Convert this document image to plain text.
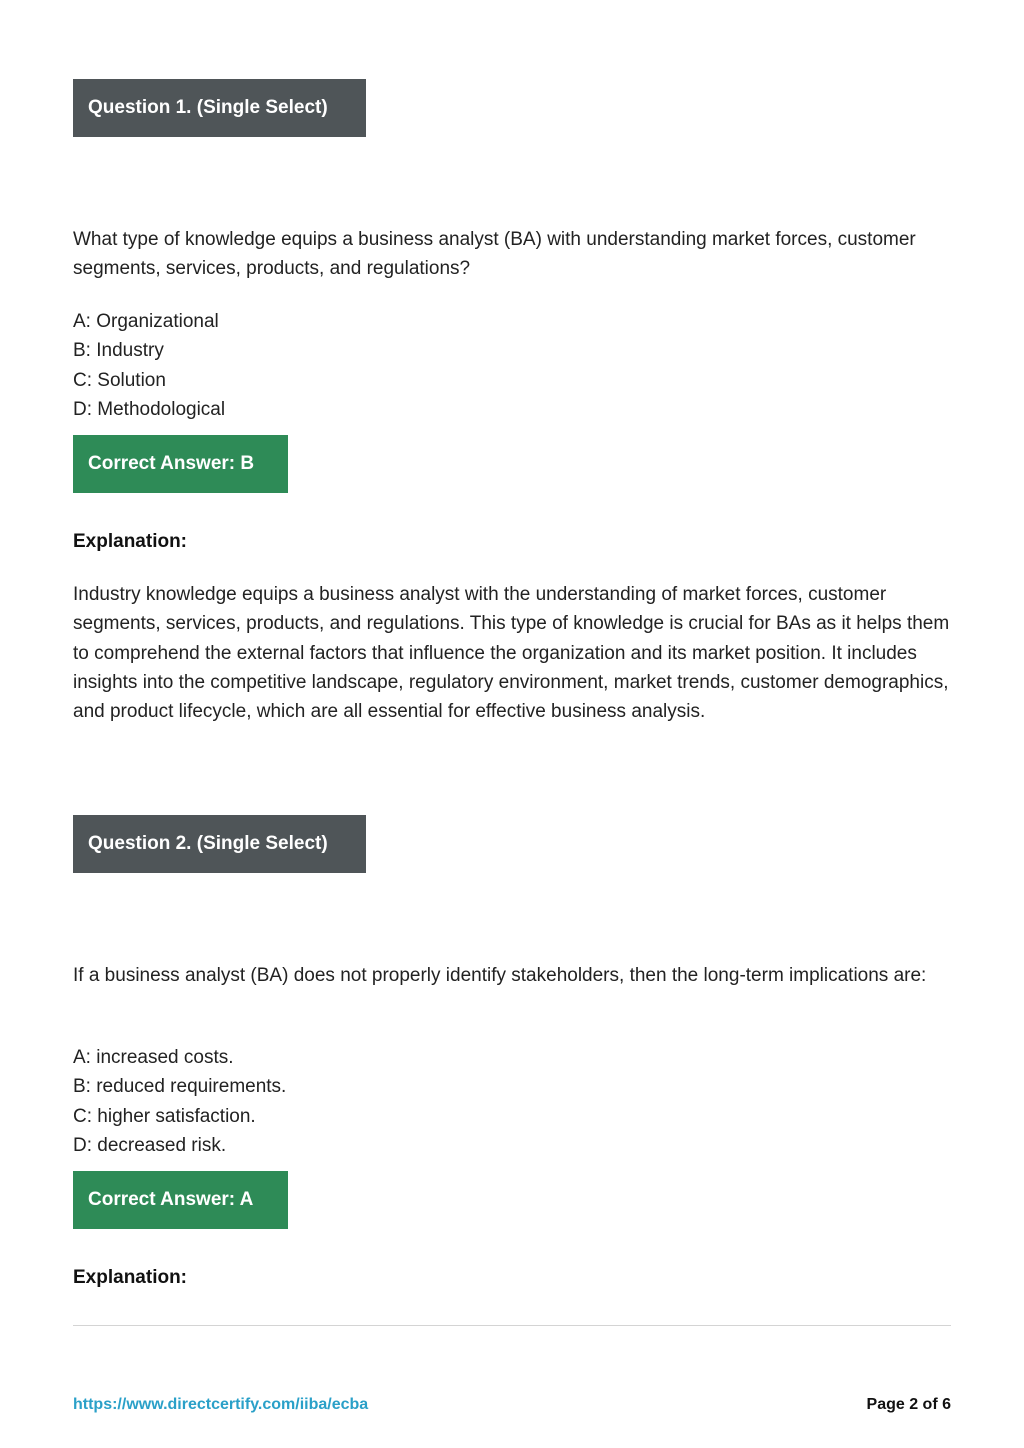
Question 1. (Single Select)

What type of knowledge equips a business analyst (BA) with understanding market forces, customer segments, services, products, and regulations?

A: Organizational
B: Industry
C: Solution
D: Methodological
Correct Answer: B
Explanation:

Industry knowledge equips a business analyst with the understanding of market forces, customer segments, services, products, and regulations. This type of knowledge is crucial for BAs as it helps them to comprehend the external factors that influence the organization and its market position. It includes insights into the competitive landscape, regulatory environment, market trends, customer demographics, and product lifecycle, which are all essential for effective business analysis.

Question 2. (Single Select)

If a business analyst (BA) does not properly identify stakeholders, then the long-term implications are:

A: increased costs.
B: reduced requirements.
C: higher satisfaction.
D: decreased risk.
Correct Answer: A
Explanation:
https://www.directcertify.com/iiba/ecba	Page 2 of 6
